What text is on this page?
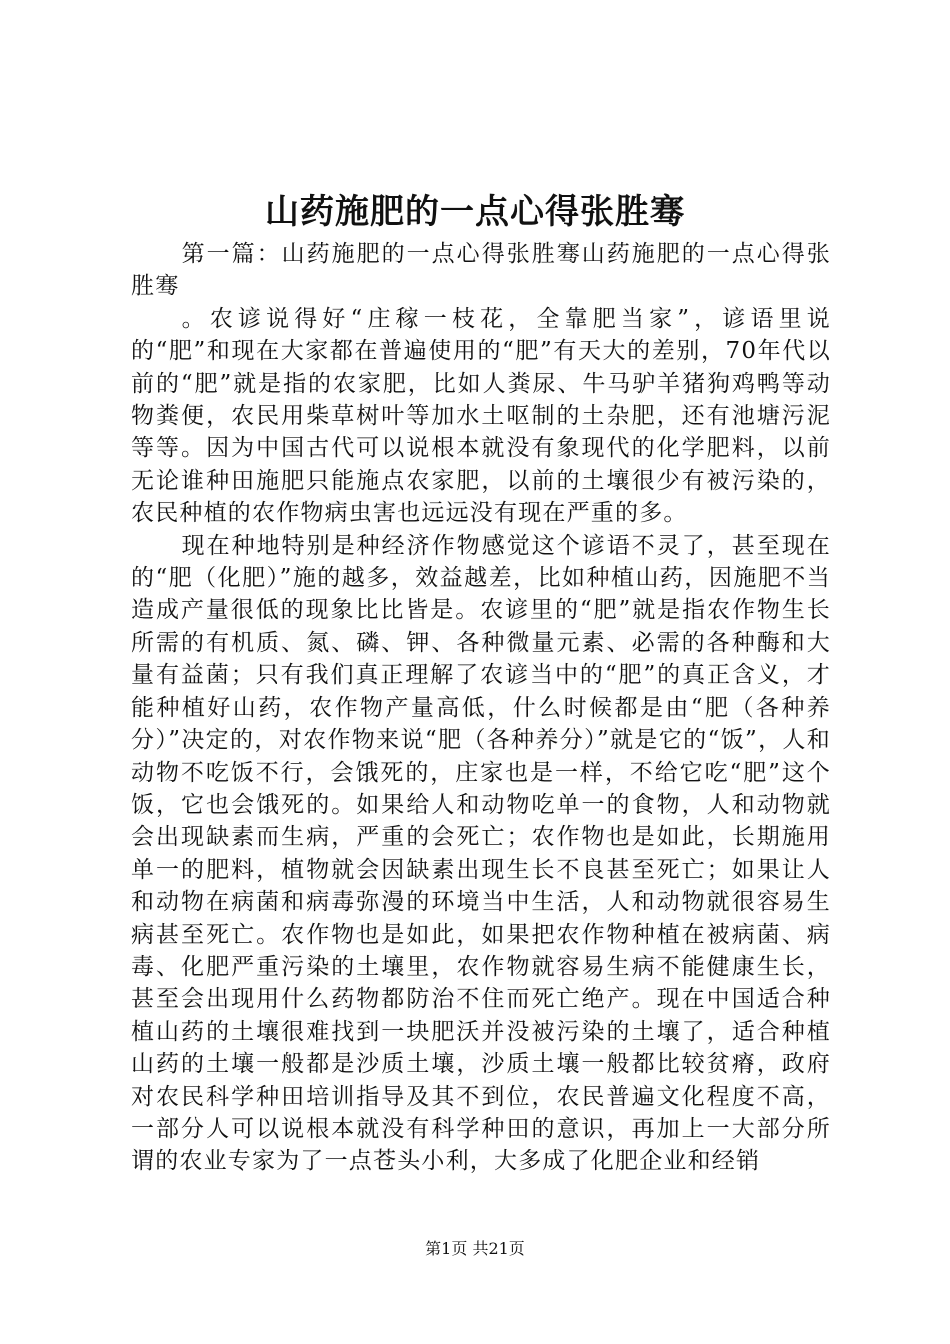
山药施肥的一点心得张胜骞

第一篇：山药施肥的一点心得张胜骞山药施肥的一点心得张胜骞

。农谚说得好“庄稼一枝花，全靠肥当家”，谚语里说的“肥”和现在大家都在普遍使用的“肥”有天大的差别，70年代以前的“肥”就是指的农家肥，比如人粪尿、牛马驴羊猪狗鸡鸭等动物粪便，农民用柴草树叶等加水土呕制的土杂肥，还有池塘污泥等等。因为中国古代可以说根本就没有象现代的化学肥料，以前无论谁种田施肥只能施点农家肥，以前的土壤很少有被污染的，农民种植的农作物病虫害也远远没有现在严重的多。

现在种地特别是种经济作物感觉这个谚语不灵了，甚至现在的“肥（化肥）”施的越多，效益越差，比如种植山药，因施肥不当造成产量很低的现象比比皆是。农谚里的“肥”就是指农作物生长所需的有机质、氮、磷、钾、各种微量元素、必需的各种酶和大量有益菌；只有我们真正理解了农谚当中的“肥”的真正含义，才能种植好山药，农作物产量高低，什么时候都是由“肥（各种养分）”决定的，对农作物来说“肥（各种养分）”就是它的“饭”，人和动物不吃饭不行，会饿死的，庄家也是一样，不给它吃“肥”这个饭，它也会饿死的。如果给人和动物吃单一的食物，人和动物就会出现缺素而生病，严重的会死亡；农作物也是如此，长期施用单一的肥料，植物就会因缺素出现生长不良甚至死亡；如果让人和动物在病菌和病毒弥漫的环境当中生活，人和动物就很容易生病甚至死亡。农作物也是如此，如果把农作物种植在被病菌、病毒、化肥严重污染的土壤里，农作物就容易生病不能健康生长，甚至会出现用什么药物都防治不住而死亡绝产。现在中国适合种植山药的土壤很难找到一块肥沃并没被污染的土壤了，适合种植山药的土壤一般都是沙质土壤，沙质土壤一般都比较贫瘠，政府对农民科学种田培训指导及其不到位，农民普遍文化程度不高，一部分人可以说根本就没有科学种田的意识，再加上一大部分所谓的农业专家为了一点苍头小利，大多成了化肥企业和经销

第1页 共21页
